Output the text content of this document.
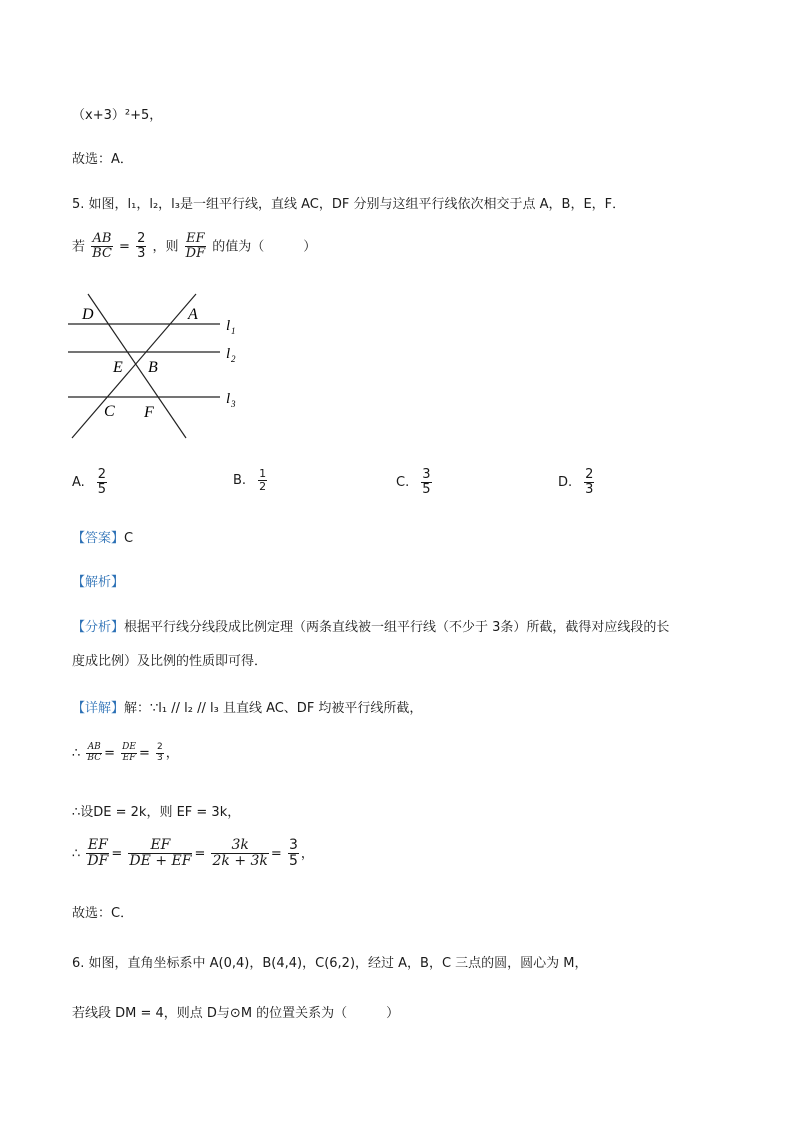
（x+3）²+5，
故选：A．
5. 如图，l₁，l₂，l₃是一组平行线，直线 AC，DF 分别与这组平行线依次相交于点 A，B，E，F．
若 $\frac{AB}{BC} = \frac{2}{3}$ ，则 $\frac{EF}{DF}$ 的值为（　　　）
D	A
E B
C F
l 1
l 2
l 3
A. $\frac{2}{5}$	B. $\frac{1}{2}$	C. $\frac{3}{5}$	D. $\frac{2}{3}$
【答案】C
【解析】
【分析】根据平行线分线段成比例定理（两条直线被一组平行线（不少于 3条）所截，截得对应线段的长
度成比例）及比例的性质即可得．
【详解】解：∵l₁ // l₂ // l₃ 且直线 AC、DF 均被平行线所截，
∴ $\frac{AB}{BC} = \frac{DE}{EF} = \frac{2}{3}$ ，
∴设DE = 2k，则 EF = 3k，
∴ $\frac{EF}{DF} = \frac{EF}{DE + EF} = \frac{3k}{2k + 3k} = \frac{3}{5}$ ，
故选：C．
6. 如图，直角坐标系中 A(0,4)，B(4,4)，C(6,2)，经过 A，B，C 三点的圆，圆心为 M，
若线段 DM = 4，则点 D与⊙M 的位置关系为（　　　）
